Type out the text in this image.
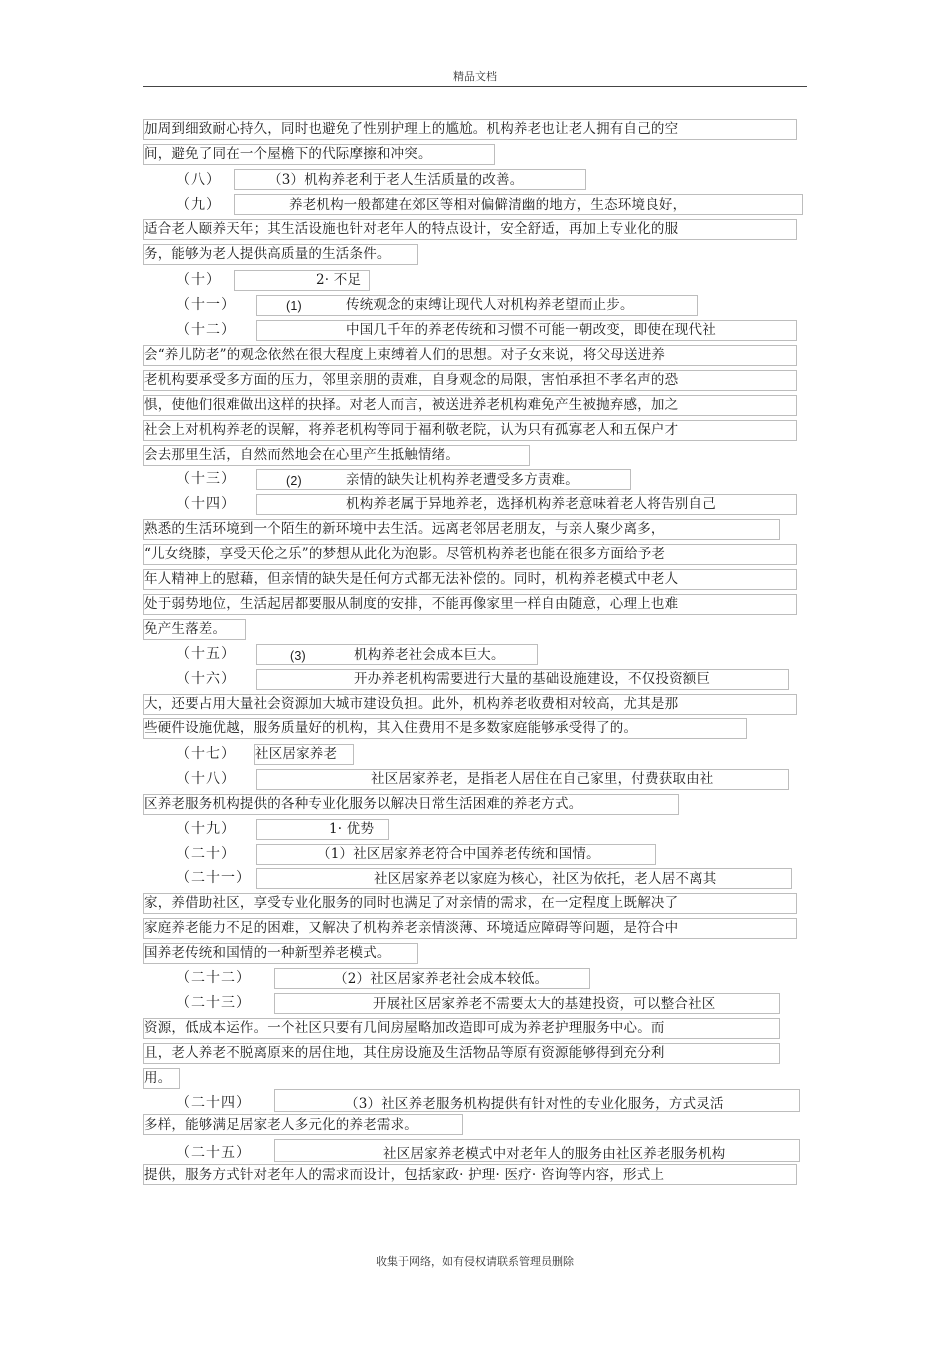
精品文档
（八）
（九）
（十）
（十一）
（十二）
（十三）
（十四）
（十五）
（十六）
（十七）
（十八）
（十九）
（二十）
（二十一）
（二十二）
（二十三）
（二十四）
（二十五）
加周到细致耐心持久，同时也避免了性别护理上的尴尬。机构养老也让老人拥有自己的空
间，避免了同在一个屋檐下的代际摩擦和冲突。
（3）机构养老利于老人生活质量的改善。
养老机构一般都建在郊区等相对偏僻清幽的地方，生态环境良好，
适合老人颐养天年；其生活设施也针对老年人的特点设计，安全舒适，再加上专业化的服
务，能够为老人提供高质量的生活条件。
2· 不足
(1)	传统观念的束缚让现代人对机构养老望而止步。
中国几千年的养老传统和习惯不可能一朝改变，即使在现代社
会“养儿防老”的观念依然在很大程度上束缚着人们的思想。对子女来说，将父母送进养
老机构要承受多方面的压力，邻里亲朋的责难，自身观念的局限，害怕承担不孝名声的恐
惧，使他们很难做出这样的抉择。对老人而言，被送进养老机构难免产生被抛弃感，加之
社会上对机构养老的误解，将养老机构等同于福利敬老院，认为只有孤寡老人和五保户才
会去那里生活，自然而然地会在心里产生抵触情绪。
(2)	亲情的缺失让机构养老遭受多方责难。
机构养老属于异地养老，选择机构养老意味着老人将告别自己
熟悉的生活环境到一个陌生的新环境中去生活。远离老邻居老朋友，与亲人聚少离多，
“儿女绕膝，享受天伦之乐”的梦想从此化为泡影。尽管机构养老也能在很多方面给予老
年人精神上的慰藉，但亲情的缺失是任何方式都无法补偿的。同时，机构养老模式中老人
处于弱势地位，生活起居都要服从制度的安排，不能再像家里一样自由随意，心理上也难
免产生落差。
(3)	机构养老社会成本巨大。
开办养老机构需要进行大量的基础设施建设，不仅投资额巨
大，还要占用大量社会资源加大城市建设负担。此外，机构养老收费相对较高，尤其是那
些硬件设施优越，服务质量好的机构，其入住费用不是多数家庭能够承受得了的。
社区居家养老
社区居家养老，是指老人居住在自己家里，付费获取由社
区养老服务机构提供的各种专业化服务以解决日常生活困难的养老方式。
1· 优势
（1）社区居家养老符合中国养老传统和国情。
社区居家养老以家庭为核心，社区为依托，老人居不离其
家，养借助社区，享受专业化服务的同时也满足了对亲情的需求，在一定程度上既解决了
家庭养老能力不足的困难，又解决了机构养老亲情淡薄、环境适应障碍等问题，是符合中
国养老传统和国情的一种新型养老模式。
（2）社区居家养老社会成本较低。
开展社区居家养老不需要太大的基建投资，可以整合社区
资源，低成本运作。一个社区只要有几间房屋略加改造即可成为养老护理服务中心。而
且，老人养老不脱离原来的居住地，其住房设施及生活物品等原有资源能够得到充分利
用。
（3）社区养老服务机构提供有针对性的专业化服务，方式灵活
多样，能够满足居家老人多元化的养老需求。
社区居家养老模式中对老年人的服务由社区养老服务机构
提供，服务方式针对老年人的需求而设计，包括家政· 护理· 医疗· 咨询等内容，形式上
收集于网络，如有侵权请联系管理员删除
